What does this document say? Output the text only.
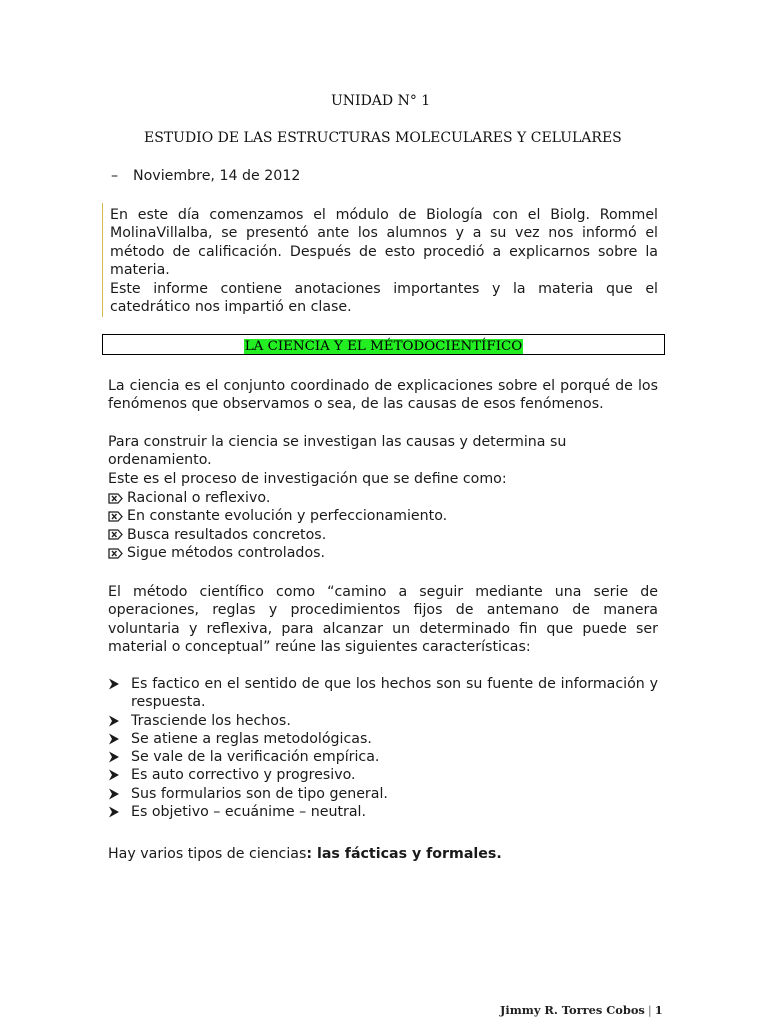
UNIDAD N° 1
ESTUDIO DE LAS ESTRUCTURAS MOLECULARES Y CELULARES
– Noviembre, 14 de 2012
En este día comenzamos el módulo de Biología con el Biolg. Rommel MolinaVillalba, se presentó ante los alumnos y a su vez nos informó el método de calificación. Después de esto procedió a explicarnos sobre la materia.
Este informe contiene anotaciones importantes y la materia que el catedrático nos impartió en clase.
LA CIENCIA Y EL MÉTODOCIENTÍFICO
La ciencia es el conjunto coordinado de explicaciones sobre el porqué de los fenómenos que observamos o sea, de las causas de esos fenómenos.
Para construir la ciencia se investigan las causas y determina su ordenamiento.
Este es el proceso de investigación que se define como:
Racional o reflexivo.
En constante evolución y perfeccionamiento.
Busca resultados concretos.
Sigue métodos controlados.
El método científico como “camino a seguir mediante una serie de operaciones, reglas y procedimientos fijos de antemano de manera voluntaria y reflexiva, para alcanzar un determinado fin que puede ser material o conceptual” reúne las siguientes características:
Es factico en el sentido de que los hechos son su fuente de información y respuesta.
Trasciende los hechos.
Se atiene a reglas metodológicas.
Se vale de la verificación empírica.
Es auto correctivo y progresivo.
Sus formularios son de tipo general.
Es objetivo – ecuánime – neutral.
Hay varios tipos de ciencias: las fácticas y formales.
Jimmy R. Torres Cobos | 1
